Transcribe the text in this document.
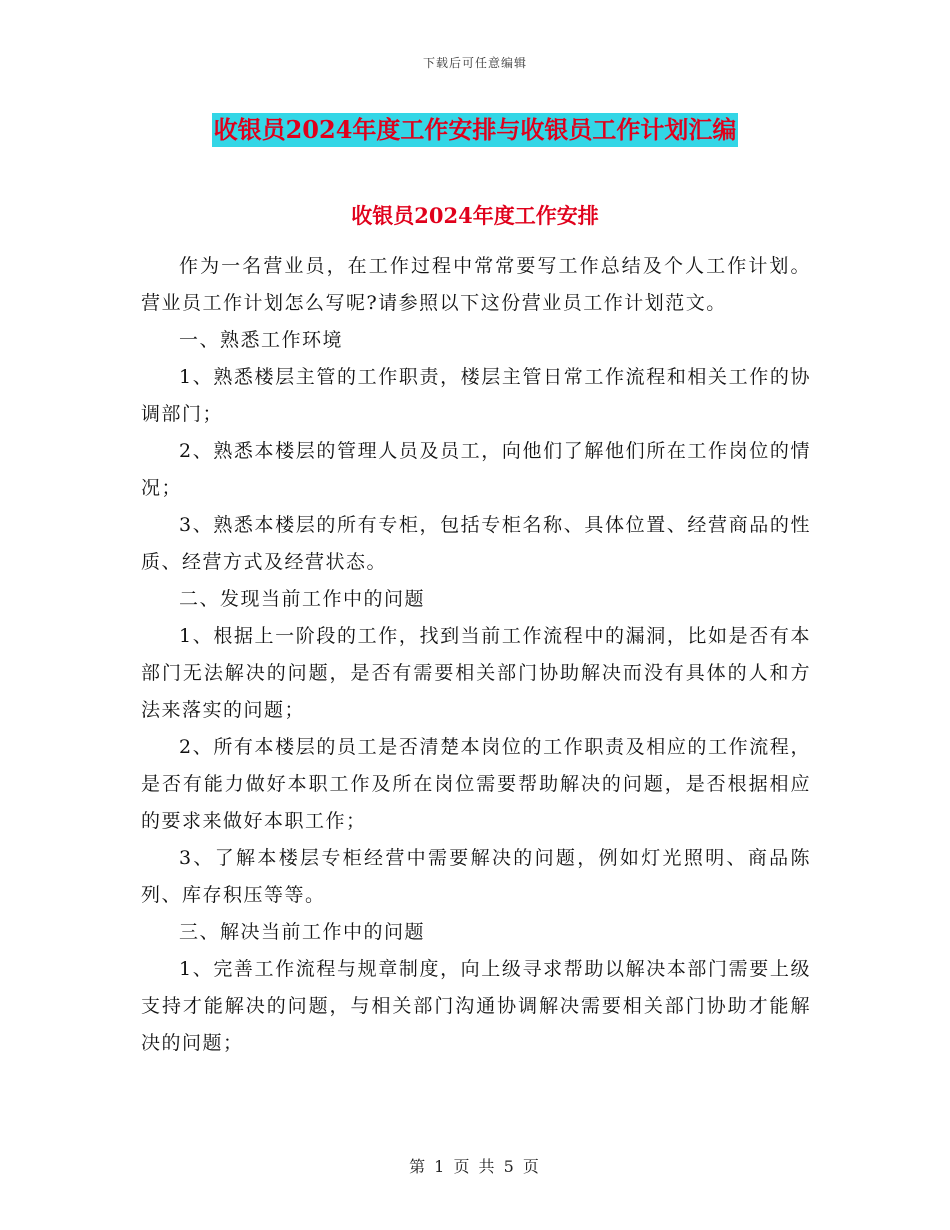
下载后可任意编辑
收银员2024年度工作安排与收银员工作计划汇编
收银员2024年度工作安排

作为一名营业员，在工作过程中常常要写工作总结及个人工作计划。营业员工作计划怎么写呢?请参照以下这份营业员工作计划范文。

一、熟悉工作环境

1、熟悉楼层主管的工作职责，楼层主管日常工作流程和相关工作的协调部门；

2、熟悉本楼层的管理人员及员工，向他们了解他们所在工作岗位的情况；

3、熟悉本楼层的所有专柜，包括专柜名称、具体位置、经营商品的性质、经营方式及经营状态。

二、发现当前工作中的问题

1、根据上一阶段的工作，找到当前工作流程中的漏洞，比如是否有本部门无法解决的问题，是否有需要相关部门协助解决而没有具体的人和方法来落实的问题；

2、所有本楼层的员工是否清楚本岗位的工作职责及相应的工作流程，是否有能力做好本职工作及所在岗位需要帮助解决的问题，是否根据相应的要求来做好本职工作；

3、了解本楼层专柜经营中需要解决的问题，例如灯光照明、商品陈列、库存积压等等。

三、解决当前工作中的问题

1、完善工作流程与规章制度，向上级寻求帮助以解决本部门需要上级支持才能解决的问题，与相关部门沟通协调解决需要相关部门协助才能解决的问题；

第 1 页 共 5 页
